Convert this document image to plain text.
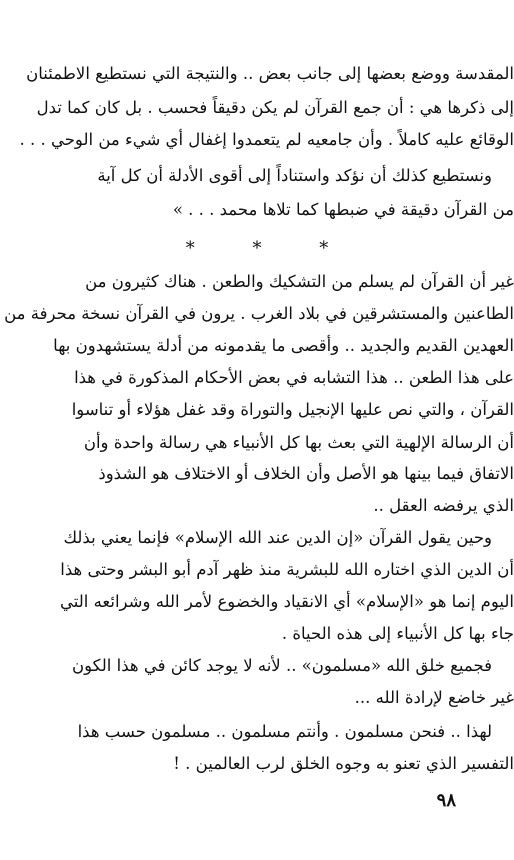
المقدسة ووضع بعضها إلى جانب بعض .. والنتيجة التي نستطيع الاطمئنان
إلى ذكرها هي : أن جمع القرآن لم يكن دقيقاً فحسب . بل كان كما تدل
الوقائع عليه كاملاً . وأن جامعيه لم يتعمدوا إغفال أي شيء من الوحي . . .
ونستطيع كذلك أن نؤكد واستناداً إلى أقوى الأدلة أن كل آية
من القرآن دقيقة في ضبطها كما تلاها محمد . . . »
* * *
غير أن القرآن لم يسلم من التشكيك والطعن . هناك كثيرون من
الطاعنين والمستشرقين في بلاد الغرب . يرون في القرآن نسخة محرفة من
العهدين القديم والجديد .. وأقصى ما يقدمونه من أدلة يستشهدون بها
على هذا الطعن .. هذا التشابه في بعض الأحكام المذكورة في هذا
القرآن ، والتي نص عليها الإنجيل والتوراة وقد غفل هؤلاء أو تناسوا
أن الرسالة الإلهية التي بعث بها كل الأنبياء هي رسالة واحدة وأن
الاتفاق فيما بينها هو الأصل وأن الخلاف أو الاختلاف هو الشذوذ
الذي يرفضه العقل ..
وحين يقول القرآن «إن الدين عند الله الإسلام» فإنما يعني بذلك
أن الدين الذي اختاره الله للبشرية منذ ظهر آدم أبو البشر وحتى هذا
اليوم إنما هو «الإسلام» أي الانقياد والخضوع لأمر الله وشرائعه التي
جاء بها كل الأنبياء إلى هذه الحياة .
فجميع خلق الله «مسلمون» .. لأنه لا يوجد كائن في هذا الكون
غير خاضع لإرادة الله ...
لهذا .. فنحن مسلمون . وأنتم مسلمون .. مسلمون حسب هذا
التفسير الذي تعنو به وجوه الخلق لرب العالمين . !
٩٨
